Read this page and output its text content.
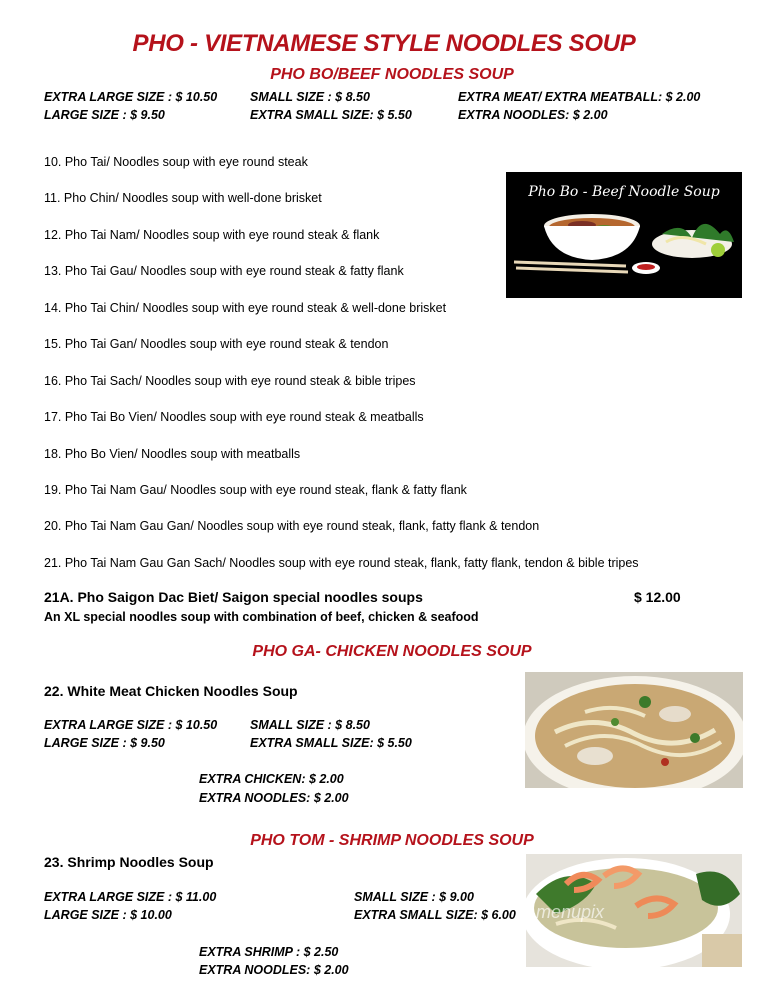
PHO - VIETNAMESE STYLE NOODLES SOUP
PHO BO/BEEF NOODLES SOUP
EXTRA LARGE SIZE : $ 10.50	SMALL SIZE : $ 8.50	EXTRA MEAT/ EXTRA MEATBALL: $ 2.00
LARGE SIZE : $ 9.50	EXTRA SMALL SIZE: $ 5.50	EXTRA NOODLES: $ 2.00
10. Pho Tai/ Noodles soup with eye round steak
11. Pho Chin/ Noodles soup with well-done brisket
12. Pho Tai Nam/ Noodles soup with eye round steak & flank
13. Pho Tai Gau/ Noodles soup with eye round steak & fatty flank
14. Pho Tai Chin/ Noodles soup with eye round steak & well-done brisket
15. Pho Tai Gan/ Noodles soup with eye round steak & tendon
16. Pho Tai Sach/ Noodles soup with eye round steak & bible tripes
17. Pho Tai Bo Vien/ Noodles soup with eye round steak & meatballs
18. Pho Bo Vien/ Noodles soup with meatballs
19. Pho Tai Nam Gau/ Noodles soup with eye round steak, flank & fatty flank
20. Pho Tai Nam Gau Gan/ Noodles soup with eye round steak, flank, fatty flank & tendon
21. Pho Tai Nam Gau Gan Sach/ Noodles soup with eye round steak, flank, fatty flank, tendon & bible tripes
Pho Bo - Beef Noodle Soup
21A. Pho Saigon Dac Biet/ Saigon special noodles soups	$ 12.00
An XL special noodles soup with combination of beef, chicken & seafood
PHO GA- CHICKEN NOODLES SOUP
22. White Meat Chicken Noodles Soup
EXTRA LARGE SIZE : $ 10.50	SMALL SIZE : $ 8.50
LARGE SIZE : $ 9.50	EXTRA SMALL SIZE: $ 5.50
EXTRA CHICKEN: $ 2.00
EXTRA NOODLES: $ 2.00
PHO TOM - SHRIMP NOODLES SOUP
23. Shrimp Noodles Soup
EXTRA LARGE SIZE : $ 11.00	SMALL SIZE : $ 9.00
LARGE SIZE : $ 10.00	EXTRA SMALL SIZE: $ 6.00
EXTRA SHRIMP : $ 2.50
EXTRA NOODLES: $ 2.00
menupix
